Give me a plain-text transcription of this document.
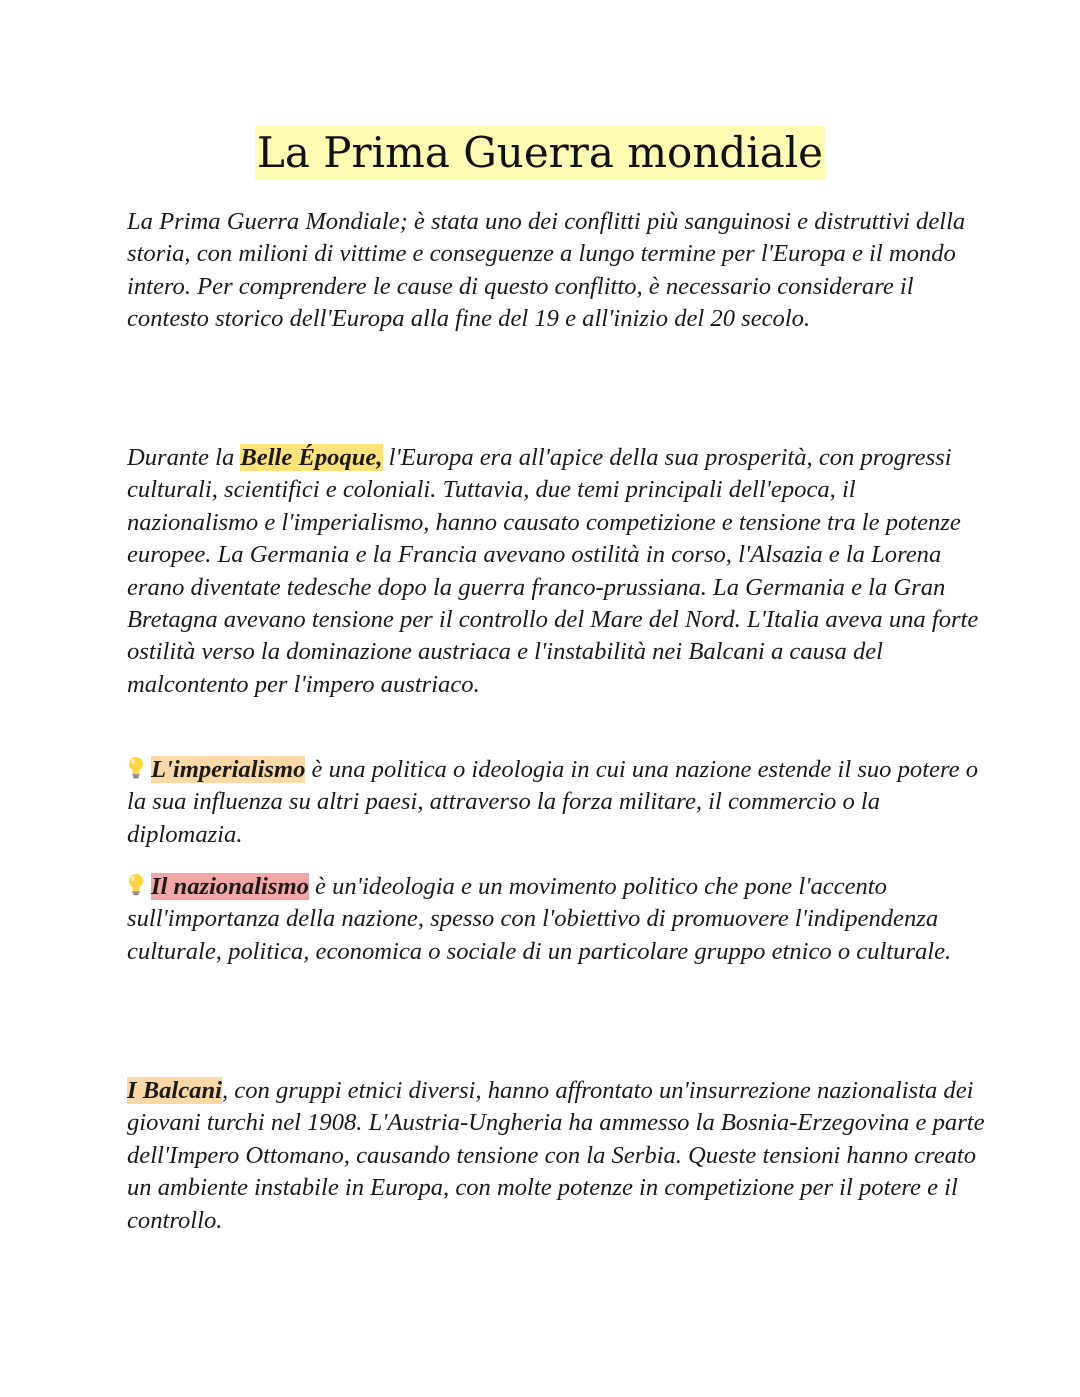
La Prima Guerra mondiale

La Prima Guerra Mondiale; è stata uno dei conflitti più sanguinosi e distruttivi della storia, con milioni di vittime e conseguenze a lungo termine per l'Europa e il mondo intero. Per comprendere le cause di questo conflitto, è necessario considerare il contesto storico dell'Europa alla fine del 19 e all'inizio del 20 secolo.

Durante la Belle Époque, l'Europa era all'apice della sua prosperità, con progressi culturali, scientifici e coloniali. Tuttavia, due temi principali dell'epoca, il nazionalismo e l'imperialismo, hanno causato competizione e tensione tra le potenze europee. La Germania e la Francia avevano ostilità in corso, l'Alsazia e la Lorena erano diventate tedesche dopo la guerra franco-prussiana. La Germania e la Gran Bretagna avevano tensione per il controllo del Mare del Nord. L'Italia aveva una forte ostilità verso la dominazione austriaca e l'instabilità nei Balcani a causa del malcontento per l'impero austriaco.

L'imperialismo è una politica o ideologia in cui una nazione estende il suo potere o la sua influenza su altri paesi, attraverso la forza militare, il commercio o la diplomazia.

Il nazionalismo è un'ideologia e un movimento politico che pone l'accento sull'importanza della nazione, spesso con l'obiettivo di promuovere l'indipendenza culturale, politica, economica o sociale di un particolare gruppo etnico o culturale.

I Balcani, con gruppi etnici diversi, hanno affrontato un'insurrezione nazionalista dei giovani turchi nel 1908. L'Austria-Ungheria ha ammesso la Bosnia-Erzegovina e parte dell'Impero Ottomano, causando tensione con la Serbia. Queste tensioni hanno creato un ambiente instabile in Europa, con molte potenze in competizione per il potere e il controllo.
